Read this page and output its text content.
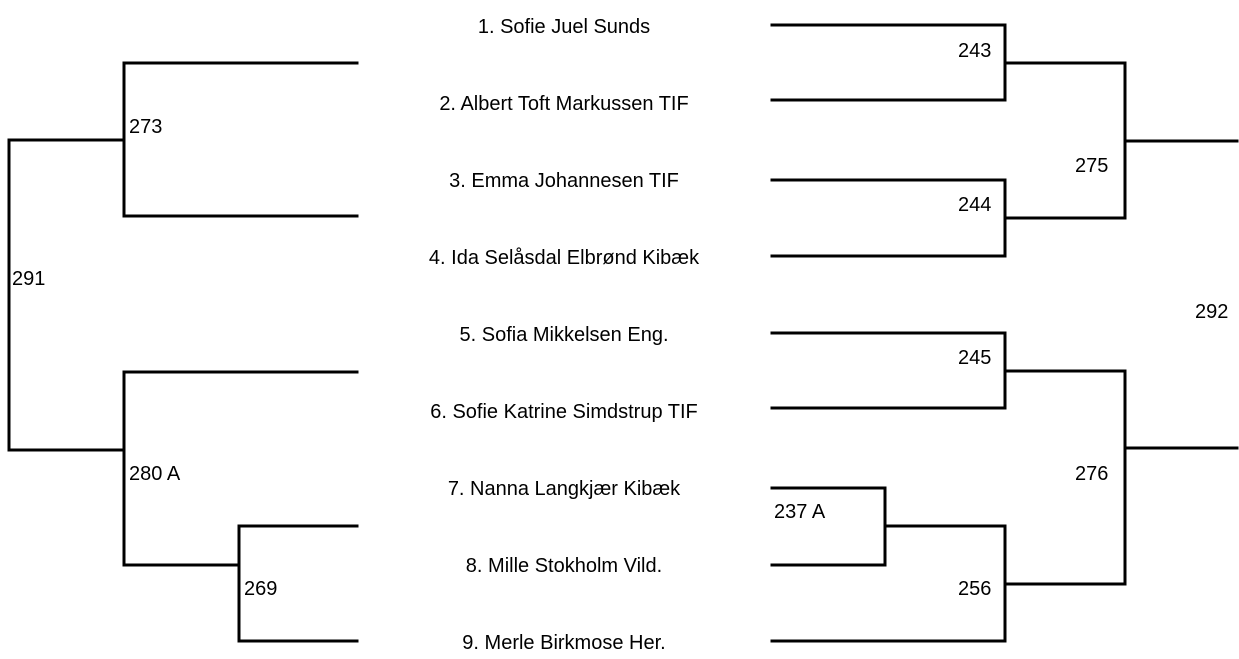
1. Sofie Juel Sunds
2. Albert Toft Markussen TIF
3. Emma Johannesen TIF
4. Ida Selåsdal Elbrønd Kibæk
5. Sofia Mikkelsen Eng.
6. Sofie Katrine Simdstrup TIF
7. Nanna Langkjær Kibæk
8. Mille Stokholm Vild.
9. Merle Birkmose Her.
243
244
245
237 A
256
275
276
292
273
269
280 A
291
